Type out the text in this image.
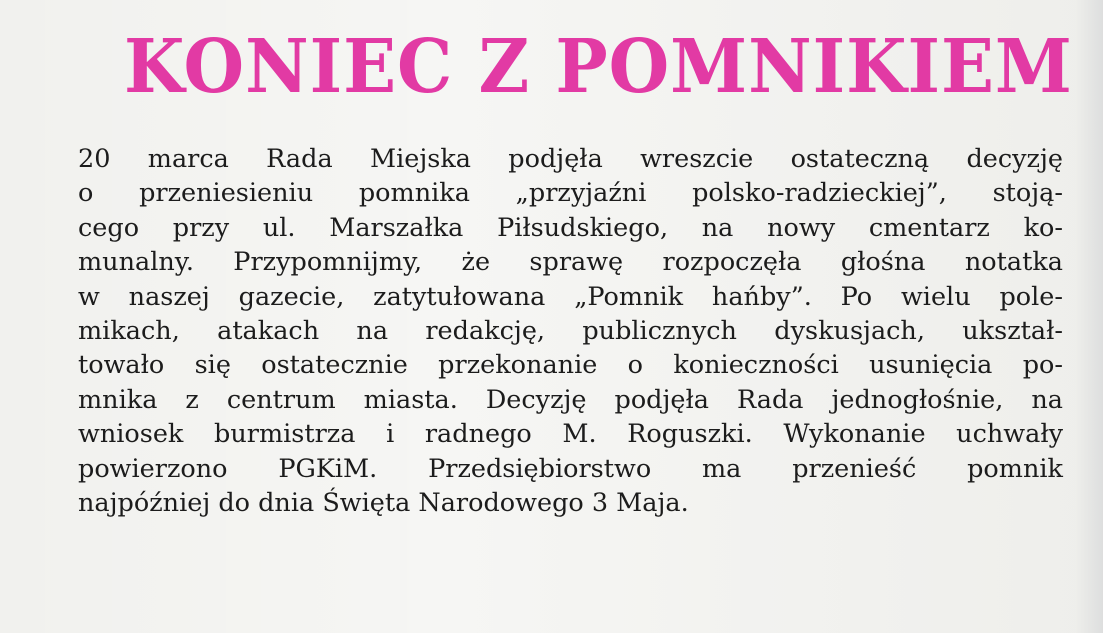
KONIEC Z POMNIKIEM
20 marca Rada Miejska podjęła wreszcie ostateczną decyzję
o przeniesieniu pomnika „przyjaźni polsko-radzieckiej”, stoją-
cego przy ul. Marszałka Piłsudskiego, na nowy cmentarz ko-
munalny. Przypomnijmy, że sprawę rozpoczęła głośna notatka
w naszej gazecie, zatytułowana „Pomnik hańby”. Po wielu pole-
mikach, atakach na redakcję, publicznych dyskusjach, ukształ-
towało się ostatecznie przekonanie o konieczności usunięcia po-
mnika z centrum miasta. Decyzję podjęła Rada jednogłośnie, na
wniosek burmistrza i radnego M. Roguszki. Wykonanie uchwały
powierzono PGKiM. Przedsiębiorstwo ma przenieść pomnik
najpóźniej do dnia Święta Narodowego 3 Maja.
